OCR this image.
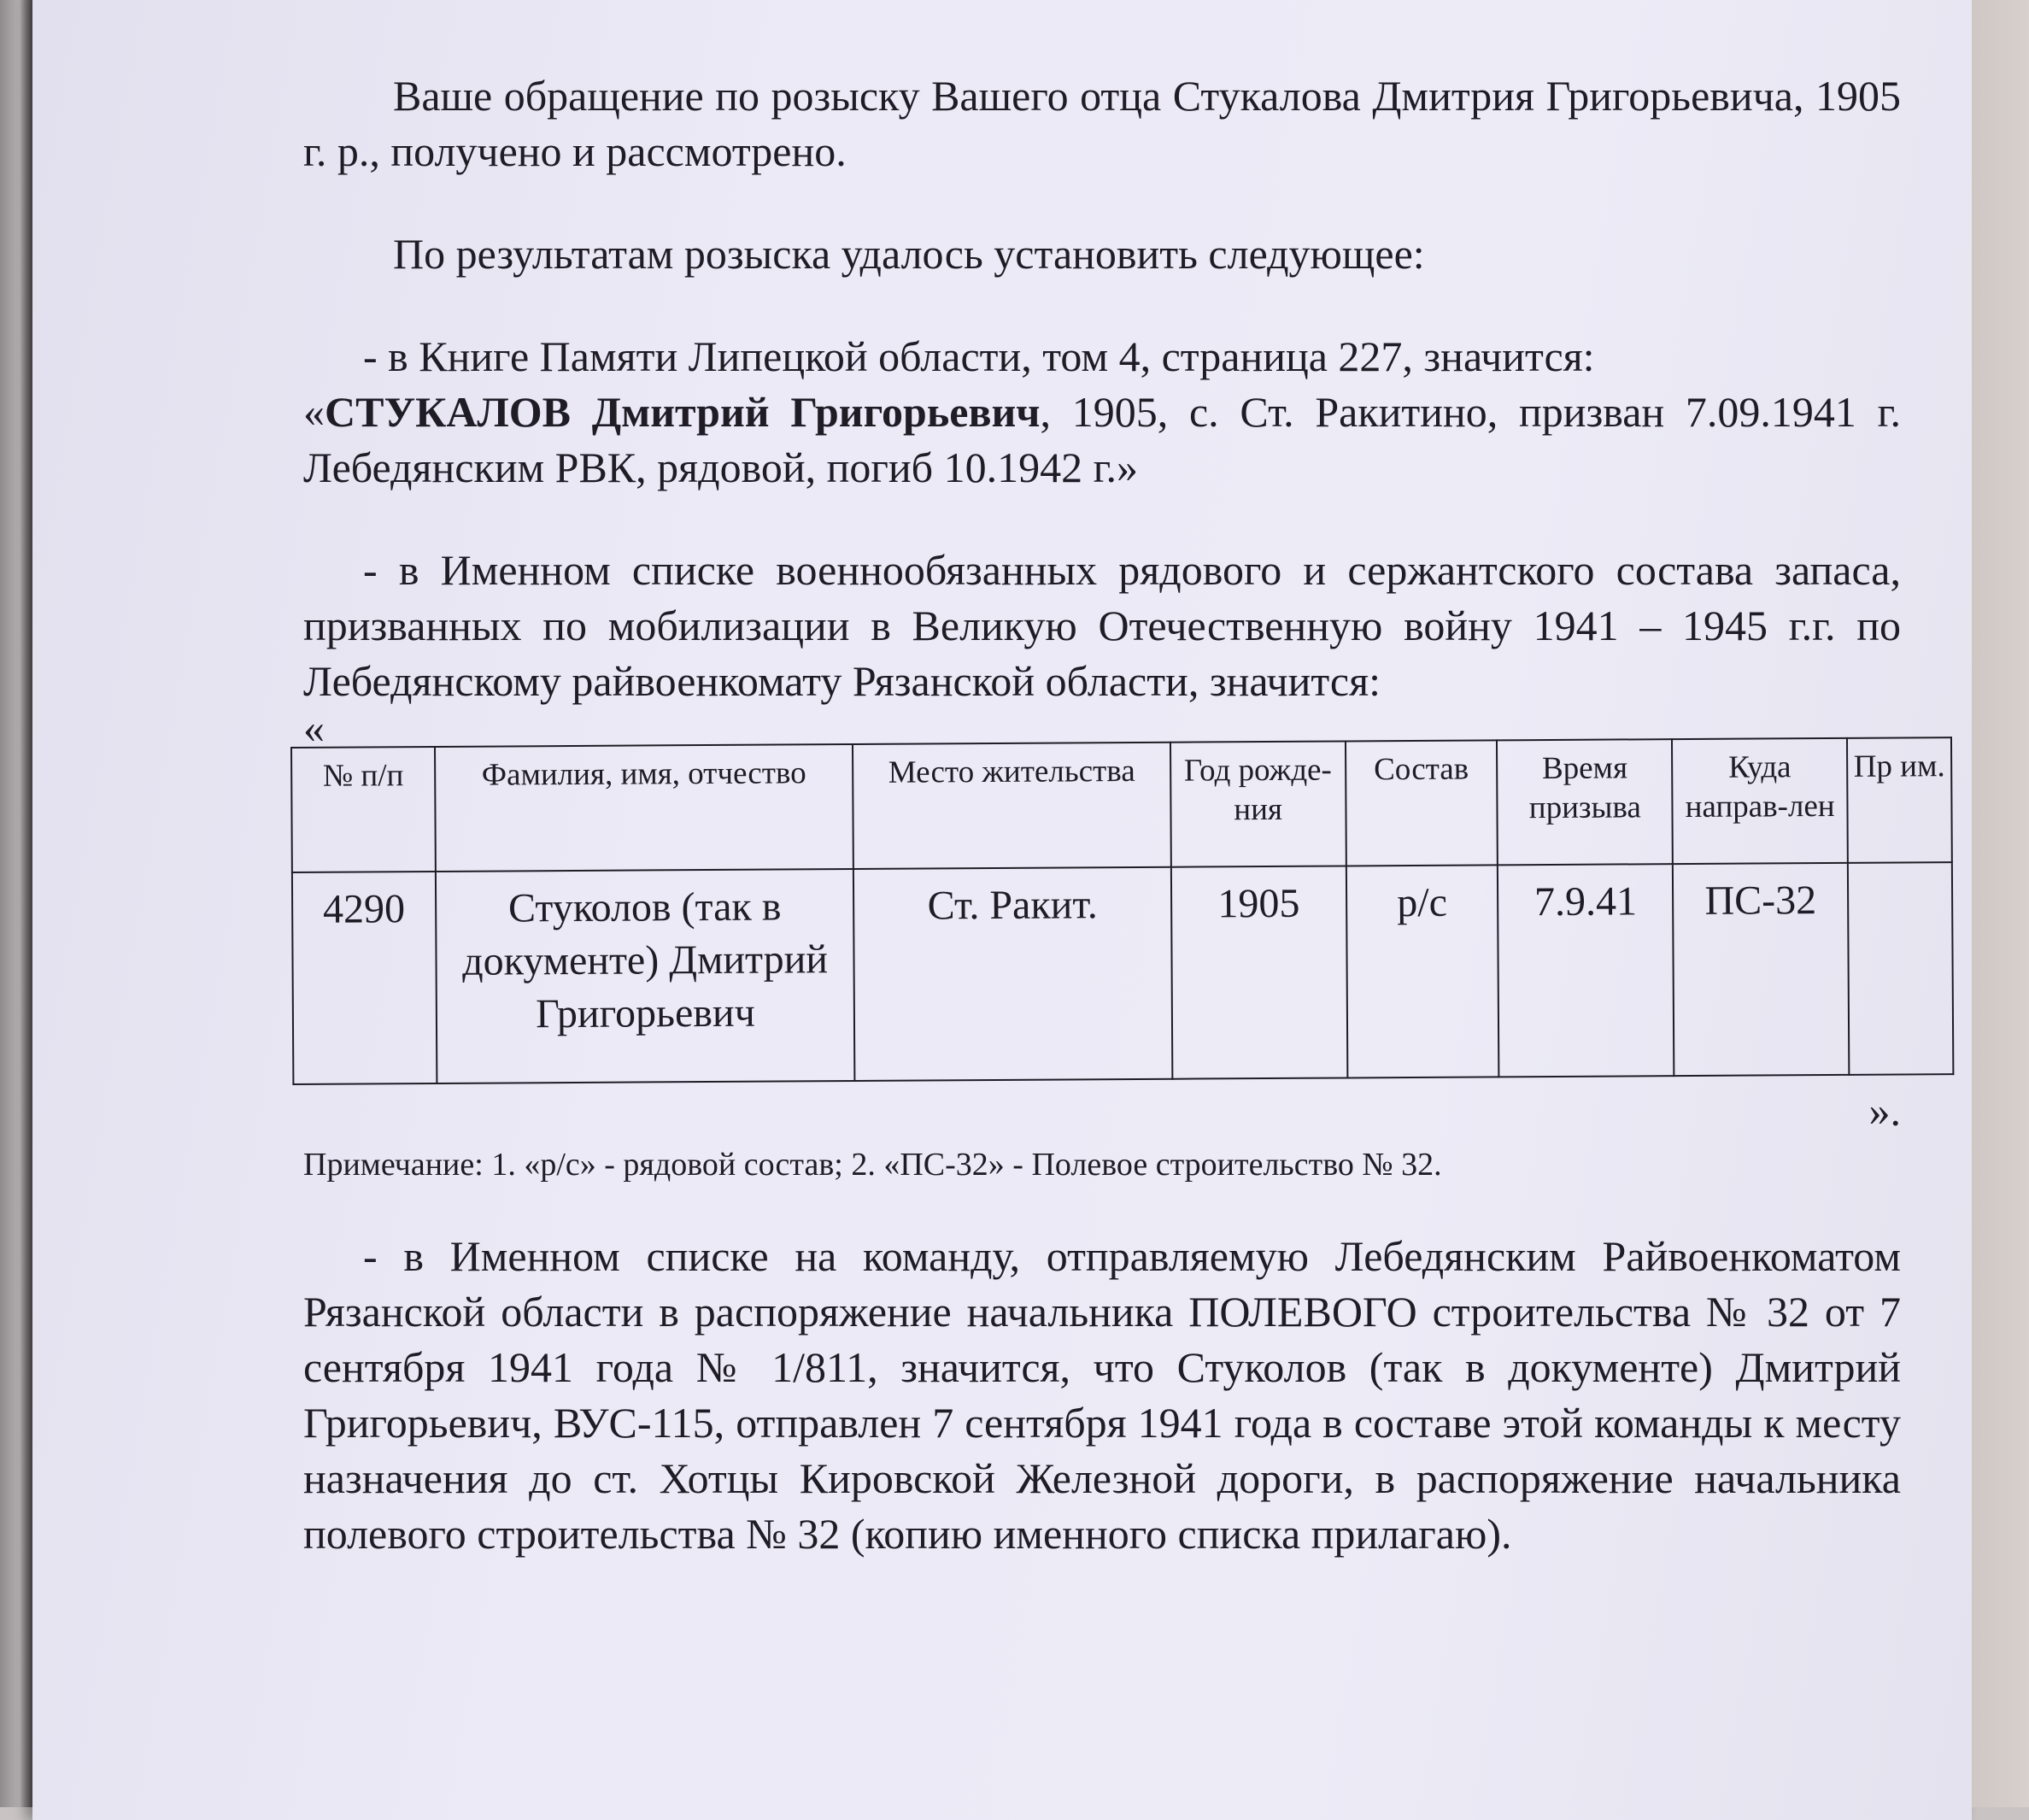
Ваше обращение по розыску Вашего отца Стукалова Дмитрия Григорьевича, 1905 г. р., получено и рассмотрено.

По результатам розыска удалось установить следующее:

- в Книге Памяти Липецкой области, том 4, страница 227, значится:

«СТУКАЛОВ Дмитрий Григорьевич, 1905, с. Ст. Ракитино, призван 7.09.1941 г. Лебедянским РВК, рядовой, погиб 10.1942 г.»

- в Именном списке военнообязанных рядового и сержантского состава запаса, призванных по мобилизации в Великую Отечественную войну 1941 – 1945 г.г. по Лебедянскому райвоенкомату Рязанской области, значится:

«
№ п/п	Фамилия, имя, отчество	Место жительства	Год рожде-ния	Состав	Время призыва	Куда направ-лен	Пр им.
4290	Стуколов (так в документе) Дмитрий Григорьевич	Ст. Ракит.	1905	р/с	7.9.41	ПС-32	
».

Примечание: 1. «р/с» - рядовой состав; 2. «ПС-32» - Полевое строительство № 32.

- в Именном списке на команду, отправляемую Лебедянским Райвоенкоматом Рязанской области в распоряжение начальника ПОЛЕВОГО строительства № 32 от 7 сентября 1941 года № 1/811, значится, что Стуколов (так в документе) Дмитрий Григорьевич, ВУС-115, отправлен 7 сентября 1941 года в составе этой команды к месту назначения до ст. Хотцы Кировской Железной дороги, в распоряжение начальника полевого строительства № 32 (копию именного списка прилагаю).
